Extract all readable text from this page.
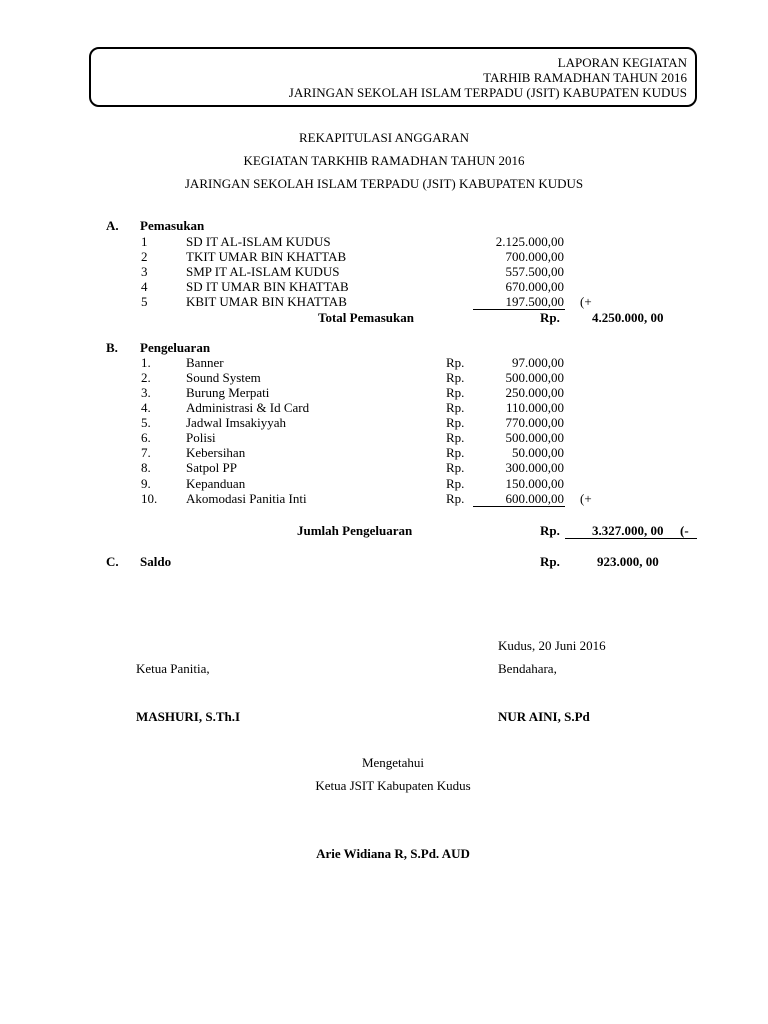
LAPORAN KEGIATAN
TARHIB RAMADHAN TAHUN 2016
JARINGAN SEKOLAH ISLAM TERPADU (JSIT) KABUPATEN KUDUS
REKAPITULASI ANGGARAN
KEGIATAN TARKHIB RAMADHAN TAHUN 2016
JARINGAN SEKOLAH ISLAM TERPADU (JSIT) KABUPATEN KUDUS
A. Pemasukan
1	SD IT AL-ISLAM KUDUS	2.125.000,00
2	TKIT UMAR BIN KHATTAB	700.000,00
3	SMP IT AL-ISLAM KUDUS	557.500,00
4	SD IT UMAR BIN KHATTAB	670.000,00
5	KBIT UMAR BIN KHATTAB	197.500,00 (+
Total Pemasukan	Rp. 4.250.000, 00
B. Pengeluaran
1.	Banner	Rp.	97.000,00
2.	Sound System	Rp.	500.000,00
3.	Burung Merpati	Rp.	250.000,00
4.	Administrasi & Id Card	Rp.	110.000,00
5.	Jadwal Imsakiyyah	Rp.	770.000,00
6.	Polisi	Rp.	500.000,00
7.	Kebersihan	Rp.	50.000,00
8.	Satpol PP	Rp.	300.000,00
9.	Kepanduan	Rp.	150.000,00
10. Akomodasi Panitia Inti	Rp.	600.000,00 (+
Jumlah Pengeluaran	Rp. 3.327.000, 00 (-
C. Saldo	Rp.	923.000, 00
Kudus, 20 Juni 2016
Ketua Panitia,	Bendahara,
MASHURI, S.Th.I	NUR AINI, S.Pd
Mengetahui
Ketua JSIT Kabupaten Kudus
Arie Widiana R, S.Pd. AUD
